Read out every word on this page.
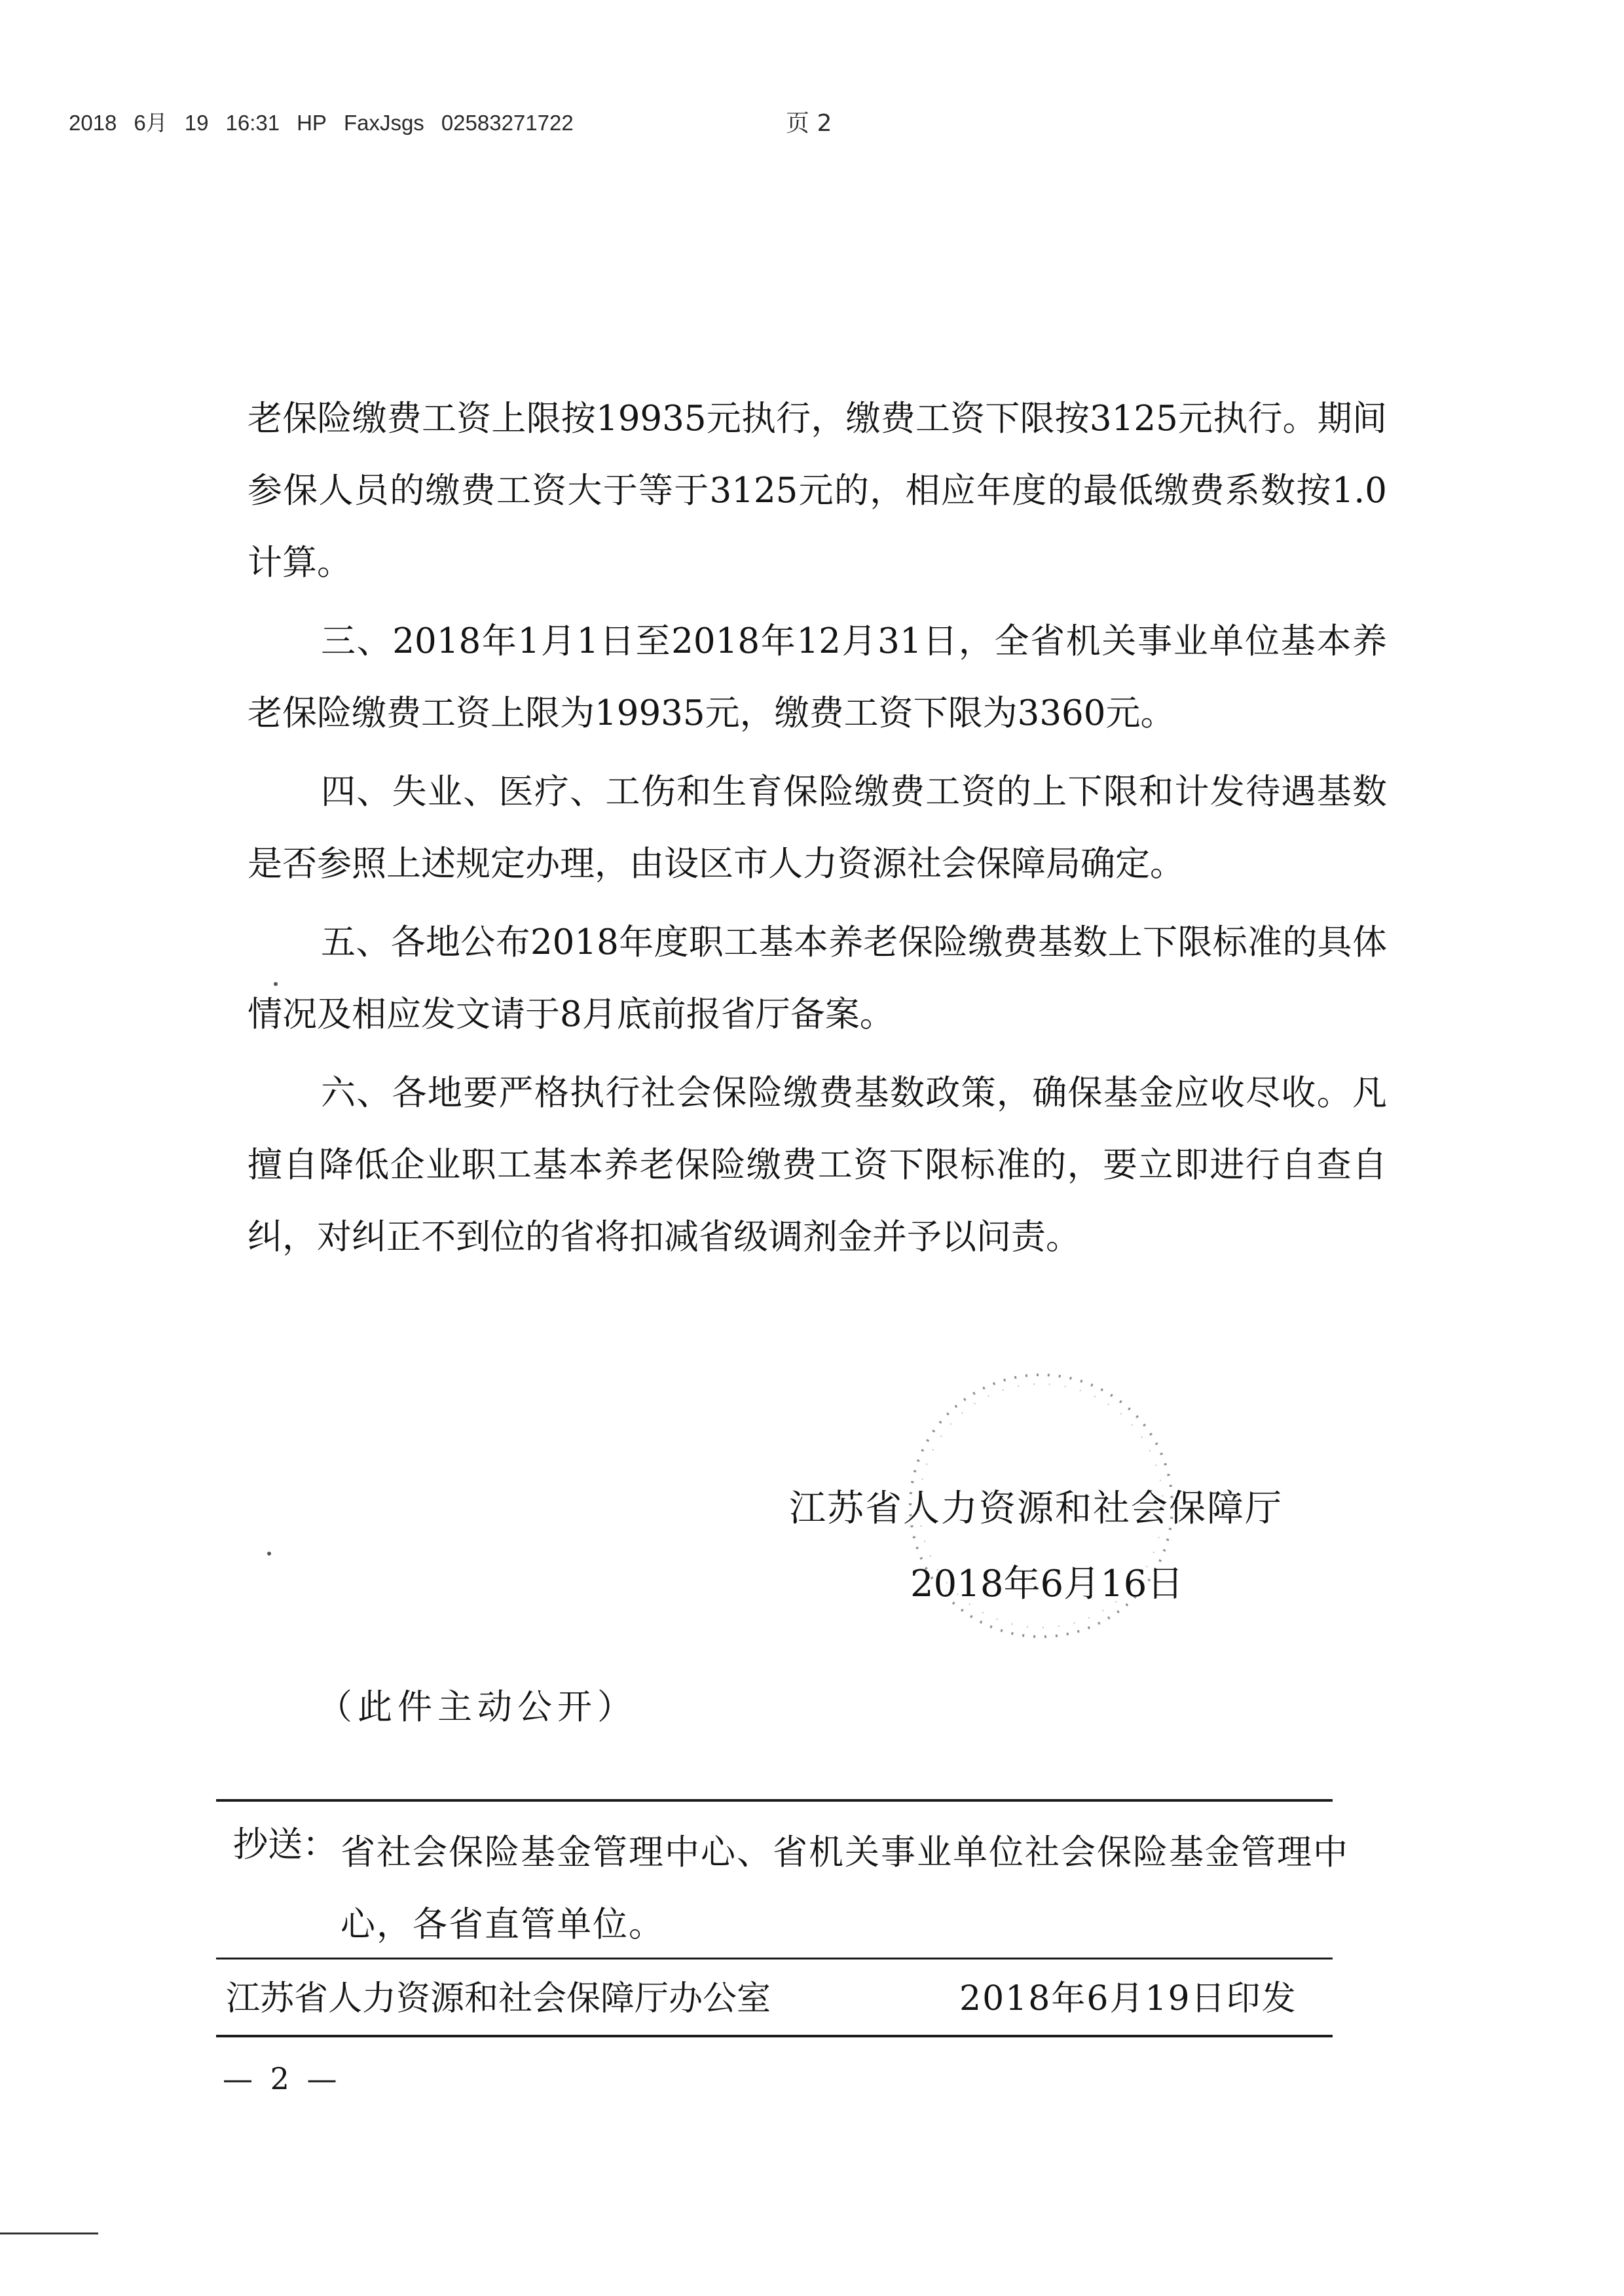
2018 6月 19 16:31 HP FaxJsgs 02583271722	页 2

老保险缴费工资上限按19935元执行，缴费工资下限按3125元执行。期间参保人员的缴费工资大于等于3125元的，相应年度的最低缴费系数按1.0计算。

三、2018年1月1日至2018年12月31日，全省机关事业单位基本养老保险缴费工资上限为19935元，缴费工资下限为3360元。

四、失业、医疗、工伤和生育保险缴费工资的上下限和计发待遇基数是否参照上述规定办理，由设区市人力资源社会保障局确定。

五、各地公布2018年度职工基本养老保险缴费基数上下限标准的具体情况及相应发文请于8月底前报省厅备案。

六、各地要严格执行社会保险缴费基数政策，确保基金应收尽收。凡擅自降低企业职工基本养老保险缴费工资下限标准的，要立即进行自查自纠，对纠正不到位的省将扣减省级调剂金并予以问责。

江苏省人力资源和社会保障厅
2018年6月16日
（此件主动公开）
抄送： 省社会保险基金管理中心、省机关事业单位社会保险基金管理中心，各省直管单位。
江苏省人力资源和社会保障厅办公室	2018年6月19日印发
— 2 —
